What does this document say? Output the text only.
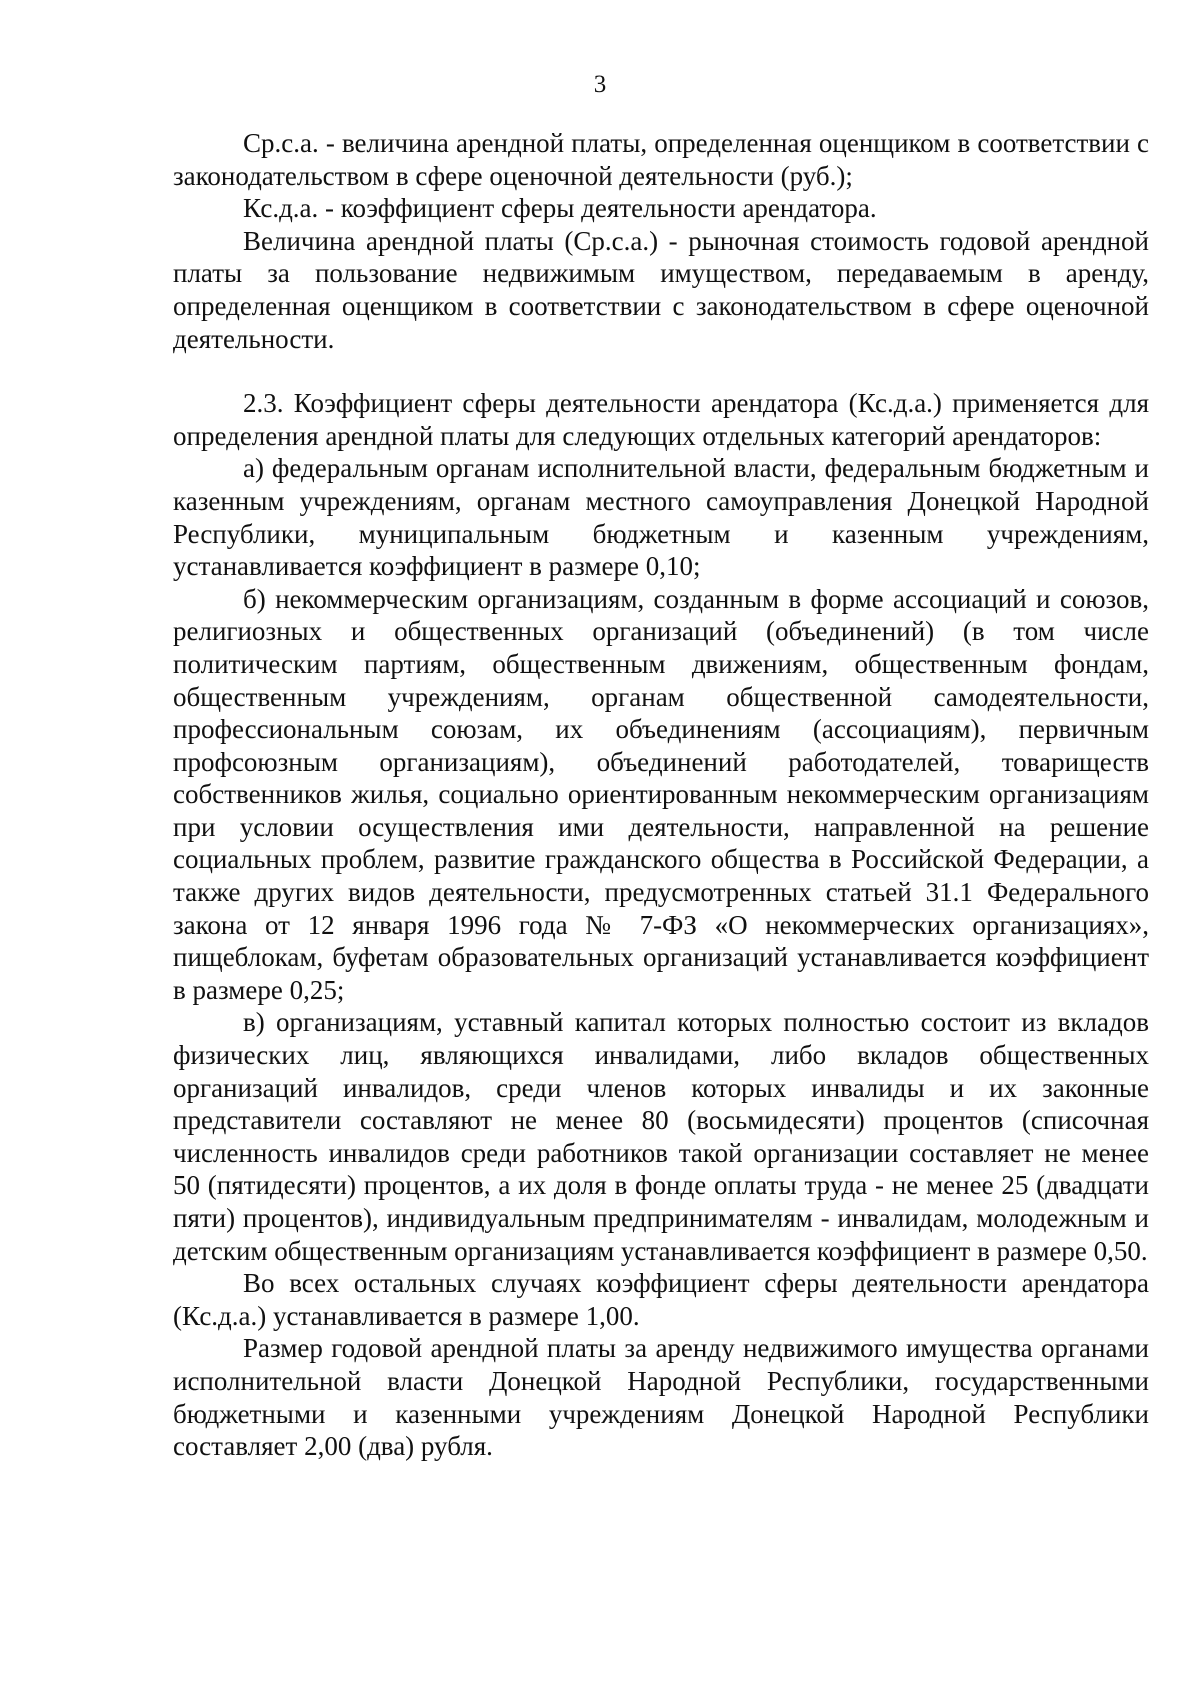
3

Ср.с.а. - величина арендной платы, определенная оценщиком в соответствии с законодательством в сфере оценочной деятельности (руб.);

Кс.д.а. - коэффициент сферы деятельности арендатора.

Величина арендной платы (Ср.с.а.) - рыночная стоимость годовой арендной платы за пользование недвижимым имуществом, передаваемым в аренду, определенная оценщиком в соответствии с законодательством в сфере оценочной деятельности.

2.3. Коэффициент сферы деятельности арендатора (Кс.д.а.) применяется для определения арендной платы для следующих отдельных категорий арендаторов:

а) федеральным органам исполнительной власти, федеральным бюджетным и казенным учреждениям, органам местного самоуправления Донецкой Народной Республики, муниципальным бюджетным и казенным учреждениям, устанавливается коэффициент в размере 0,10;

б) некоммерческим организациям, созданным в форме ассоциаций и союзов, религиозных и общественных организаций (объединений) (в том числе политическим партиям, общественным движениям, общественным фондам, общественным учреждениям, органам общественной самодеятельности, профессиональным союзам, их объединениям (ассоциациям), первичным профсоюзным организациям), объединений работодателей, товариществ собственников жилья, социально ориентированным некоммерческим организациям при условии осуществления ими деятельности, направленной на решение социальных проблем, развитие гражданского общества в Российской Федерации, а также других видов деятельности, предусмотренных статьей 31.1 Федерального закона от 12 января 1996 года № 7-ФЗ «О некоммерческих организациях», пищеблокам, буфетам образовательных организаций устанавливается коэффициент в размере 0,25;

в) организациям, уставный капитал которых полностью состоит из вкладов физических лиц, являющихся инвалидами, либо вкладов общественных организаций инвалидов, среди членов которых инвалиды и их законные представители составляют не менее 80 (восьмидесяти) процентов (списочная численность инвалидов среди работников такой организации составляет не менее 50 (пятидесяти) процентов, а их доля в фонде оплаты труда - не менее 25 (двадцати пяти) процентов), индивидуальным предпринимателям - инвалидам, молодежным и детским общественным организациям устанавливается коэффициент в размере 0,50.

Во всех остальных случаях коэффициент сферы деятельности арендатора (Кс.д.а.) устанавливается в размере 1,00.

Размер годовой арендной платы за аренду недвижимого имущества органами исполнительной власти Донецкой Народной Республики, государственными бюджетными и казенными учреждениям Донецкой Народной Республики составляет 2,00 (два) рубля.
